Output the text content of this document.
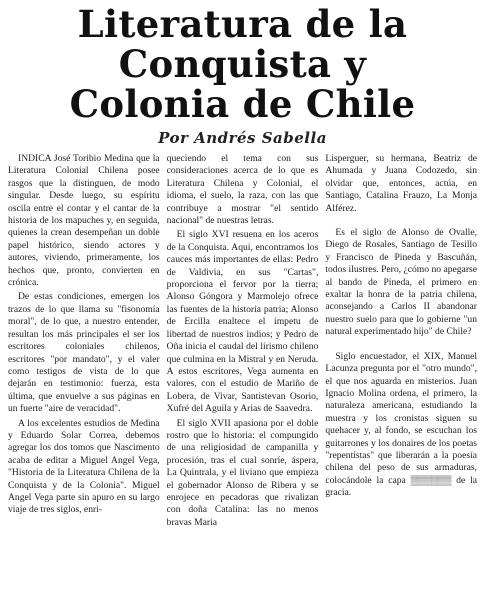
Literatura de la
Conquista y
Colonia de Chile
Por Andrés Sabella

INDICA José Toribio Medina que la Literatura Colonial Chilena posee rasgos que la distinguen, de modo singular. Desde luego, su espíritu oscila entre el contar y el cantar de la historia de los mapuches y, en seguida, quienes la crean desempeñan un doble papel histórico, siendo actores y autores, viviendo, primeramente, los hechos que, pronto, convierten en crónica.

De estas condiciones, emergen los trazos de lo que llama su "fisonomía moral", de lo que, a nuestro entender, resultan los más principales el ser los escritores coloniales chilenos, escritores "por mandato", y el valer como testigos de vista de lo que dejarán en testimonio: fuerza, esta última, que envuelve a sus páginas en un fuerte "aire de veracidad".

A los excelentes estudios de Medina y Eduardo Solar Correa, debemos agregar los dos tomos que Nascimento acaba de editar a Miguel Angel Vega, "Historia de la Literatura Chilena de la Conquista y de la Colonia". Miguel Angel Vega parte sin apuro en su largo viaje de tres siglos, enri-

queciendo el tema con sus consideraciones acerca de lo que es Literatura Chilena y Colonial, el idioma, el suelo, la raza, con las que contribuye a mostrar "el sentido nacional" de nuestras letras.

El siglo XVI resuena en los aceros de la Conquista. Aquí, encontramos los cauces más importantes de ellas: Pedro de Valdivia, en sus "Cartas", proporciona el fervor por la tierra; Alonso Góngora y Marmolejo ofrece las fuentes de la historia patria; Alonso de Ercilla enaltece el ímpetu de libertad de nuestros indios; y Pedro de Oña inicia el caudal del lirismo chileno que culmina en la Mistral y en Neruda. A estos escritores, Vega aumenta en valores, con el estudio de Mariño de Lobera, de Vivar, Santistevan Osorio, Xufré del Aguila y Arias de Saavedra.

El siglo XVII apasiona por el doble rostro que lo historia: el compungido de una religiosidad de campanilla y procesión, tras el cual sonríe, áspera, La Quintrala, y el liviano que empieza el gobernador Alonso de Ribera y se enrojece en pecadoras que rivalizan con doña Catalina: las no menos bravas María

Lisperguer, su hermana, Beatriz de Ahumada y Juana Codozedo, sin olvidar que, entonces, actúa, en Santiago, Catalina Frauzo, La Monja Alférez.

Es el siglo de Alonso de Ovalle, Diego de Rosales, Santiago de Tesillo y Francisco de Pineda y Bascuñán, todos ilustres. Pero, ¿cómo no apegarse al bando de Pineda, el primero en exaltar la honra de la patria chilena, aconsejando a Carlos II abandonar nuestro suelo para que lo gobierne "un natural experimentado hijo" de Chile?

Siglo encuestador, el XIX, Manuel Lacunza pregunta por el "otro mundo", el que nos aguarda en misterios. Juan Ignacio Molina ordena, el primero, la naturaleza americana, estudiando la muestra y los cronistas siguen su quehacer y, al fondo, se escuchan los guitarrones y los donaires de los poetas "repentistas" que liberarán a la poesía chilena del peso de sus armaduras, colocándole la capa ▒▒▒▒▒▒ de la gracia.
